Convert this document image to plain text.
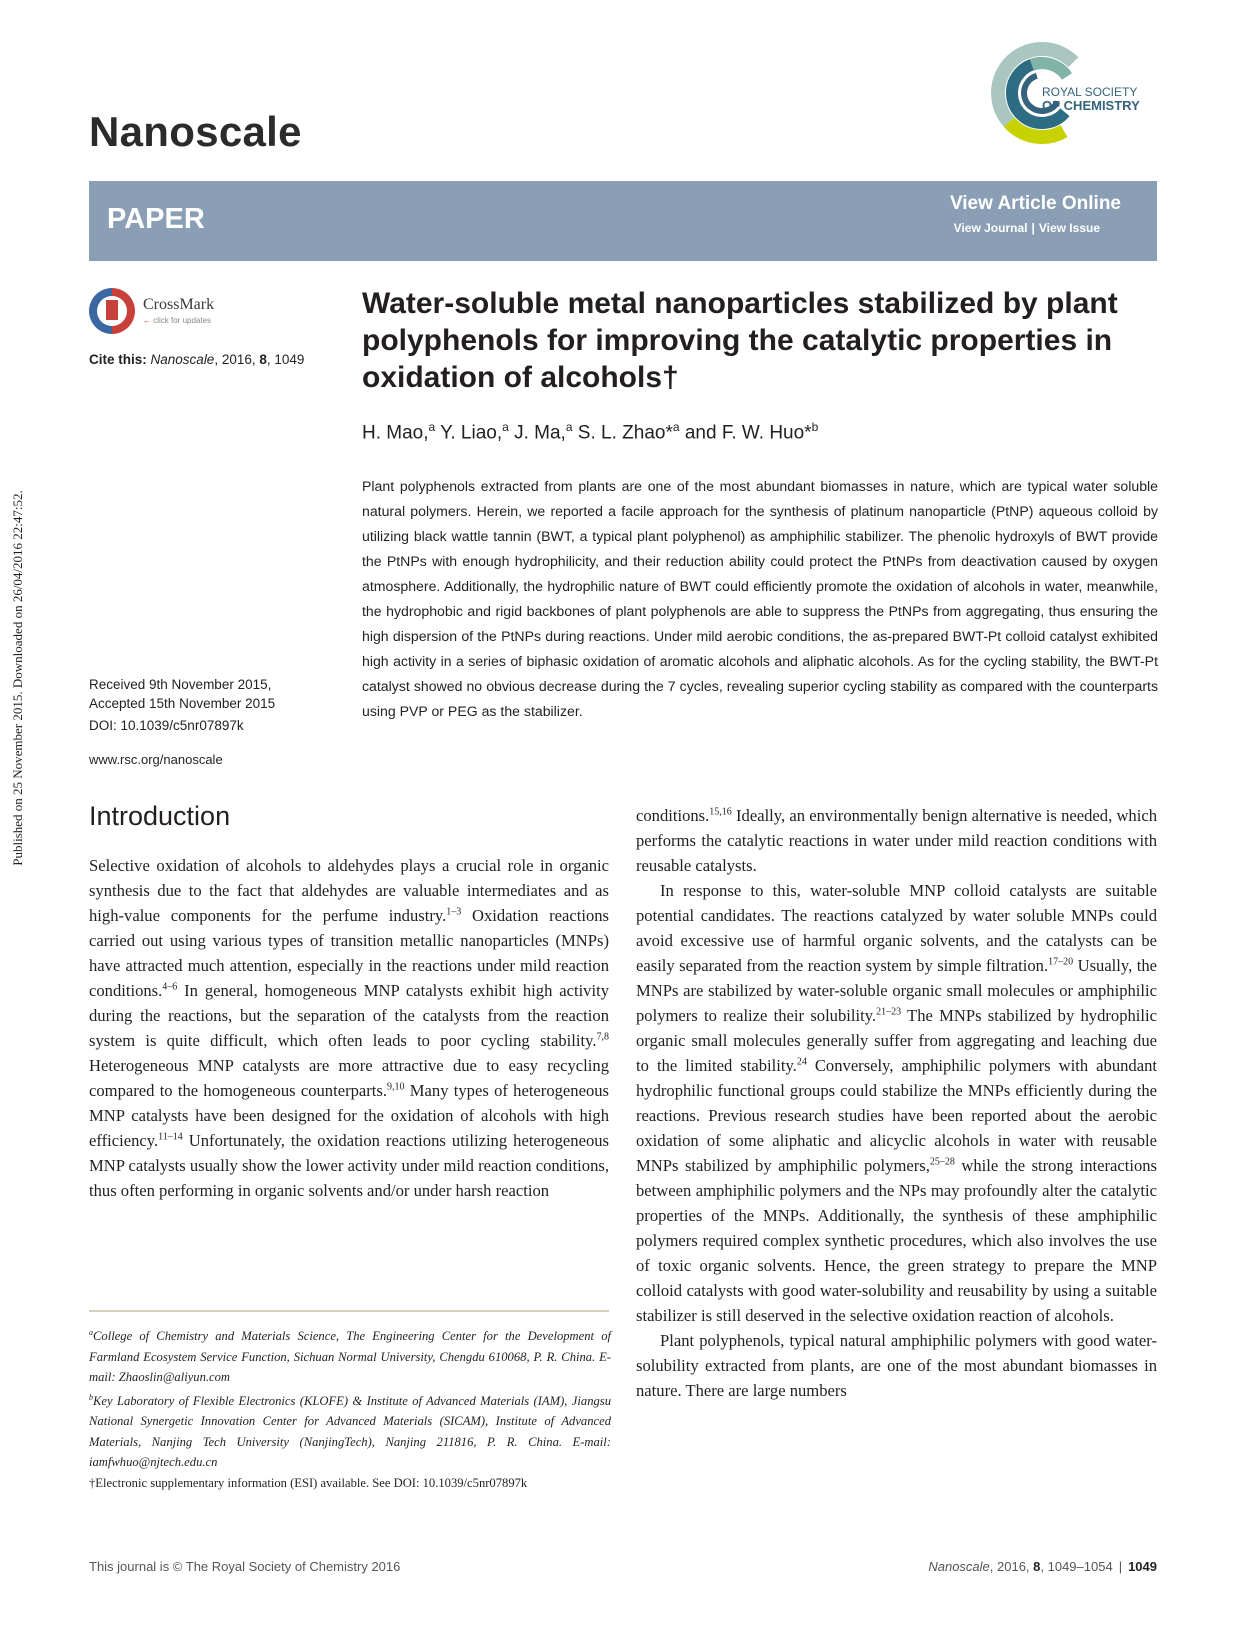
Published on 25 November 2015. Downloaded on 26/04/2016 22:47:52.
Nanoscale
ROYAL SOCIETY
OF CHEMISTRY
PAPER	View Article Online
View Journal | View Issue
CrossMark
← click for updates
Cite this: Nanoscale, 2016, 8, 1049
Water-soluble metal nanoparticles stabilized by plant polyphenols for improving the catalytic properties in oxidation of alcohols†
H. Mao,$^a$ Y. Liao,$^a$ J. Ma,$^a$ S. L. Zhao*$^a$ and F. W. Huo*$^b$
Plant polyphenols extracted from plants are one of the most abundant biomasses in nature, which are typical water soluble natural polymers. Herein, we reported a facile approach for the synthesis of platinum nanoparticle (PtNP) aqueous colloid by utilizing black wattle tannin (BWT, a typical plant polyphenol) as amphiphilic stabilizer. The phenolic hydroxyls of BWT provide the PtNPs with enough hydrophilicity, and their reduction ability could protect the PtNPs from deactivation caused by oxygen atmosphere. Additionally, the hydrophilic nature of BWT could efficiently promote the oxidation of alcohols in water, meanwhile, the hydrophobic and rigid backbones of plant polyphenols are able to suppress the PtNPs from aggregating, thus ensuring the high dispersion of the PtNPs during reactions. Under mild aerobic conditions, the as-prepared BWT-Pt colloid catalyst exhibited high activity in a series of biphasic oxidation of aromatic alcohols and aliphatic alcohols. As for the cycling stability, the BWT-Pt catalyst showed no obvious decrease during the 7 cycles, revealing superior cycling stability as compared with the counterparts using PVP or PEG as the stabilizer.
Received 9th November 2015,
Accepted 15th November 2015
DOI: 10.1039/c5nr07897k
www.rsc.org/nanoscale
Introduction

Selective oxidation of alcohols to aldehydes plays a crucial role in organic synthesis due to the fact that aldehydes are valuable intermediates and as high-value components for the perfume industry.$^{1-3}$ Oxidation reactions carried out using various types of transition metallic nanoparticles (MNPs) have attracted much attention, especially in the reactions under mild reaction conditions.$^{4-6}$ In general, homogeneous MNP catalysts exhibit high activity during the reactions, but the separation of the catalysts from the reaction system is quite difficult, which often leads to poor cycling stability.$^{7,8}$ Heterogeneous MNP catalysts are more attractive due to easy recycling compared to the homogeneous counterparts.$^{9,10}$ Many types of heterogeneous MNP catalysts have been designed for the oxidation of alcohols with high efficiency.$^{11-14}$ Unfortunately, the oxidation reactions utilizing heterogeneous MNP catalysts usually show the lower activity under mild reaction conditions, thus often performing in organic solvents and/or under harsh reaction

conditions.$^{15,16}$ Ideally, an environmentally benign alternative is needed, which performs the catalytic reactions in water under mild reaction conditions with reusable catalysts.

In response to this, water-soluble MNP colloid catalysts are suitable potential candidates. The reactions catalyzed by water soluble MNPs could avoid excessive use of harmful organic solvents, and the catalysts can be easily separated from the reaction system by simple filtration.$^{17-20}$ Usually, the MNPs are stabilized by water-soluble organic small molecules or amphiphilic polymers to realize their solubility.$^{21-23}$ The MNPs stabilized by hydrophilic organic small molecules generally suffer from aggregating and leaching due to the limited stability.$^{24}$ Conversely, amphiphilic polymers with abundant hydrophilic functional groups could stabilize the MNPs efficiently during the reactions. Previous research studies have been reported about the aerobic oxidation of some aliphatic and alicyclic alcohols in water with reusable MNPs stabilized by amphiphilic polymers,$^{25-28}$ while the strong interactions between amphiphilic polymers and the NPs may profoundly alter the catalytic properties of the MNPs. Additionally, the synthesis of these amphiphilic polymers required complex synthetic procedures, which also involves the use of toxic organic solvents. Hence, the green strategy to prepare the MNP colloid catalysts with good water-solubility and reusability by using a suitable stabilizer is still deserved in the selective oxidation reaction of alcohols.

Plant polyphenols, typical natural amphiphilic polymers with good water-solubility extracted from plants, are one of the most abundant biomasses in nature. There are large numbers

$^a$College of Chemistry and Materials Science, The Engineering Center for the Development of Farmland Ecosystem Service Function, Sichuan Normal University, Chengdu 610068, P. R. China. E-mail: Zhaoslin@aliyun.com

$^b$Key Laboratory of Flexible Electronics (KLOFE) & Institute of Advanced Materials (IAM), Jiangsu National Synergetic Innovation Center for Advanced Materials (SICAM), Institute of Advanced Materials, Nanjing Tech University (NanjingTech), Nanjing 211816, P. R. China. E-mail: iamfwhuo@njtech.edu.cn

†Electronic supplementary information (ESI) available. See DOI: 10.1039/c5nr07897k

This journal is © The Royal Society of Chemistry 2016	Nanoscale, 2016, 8, 1049–1054 | 1049
